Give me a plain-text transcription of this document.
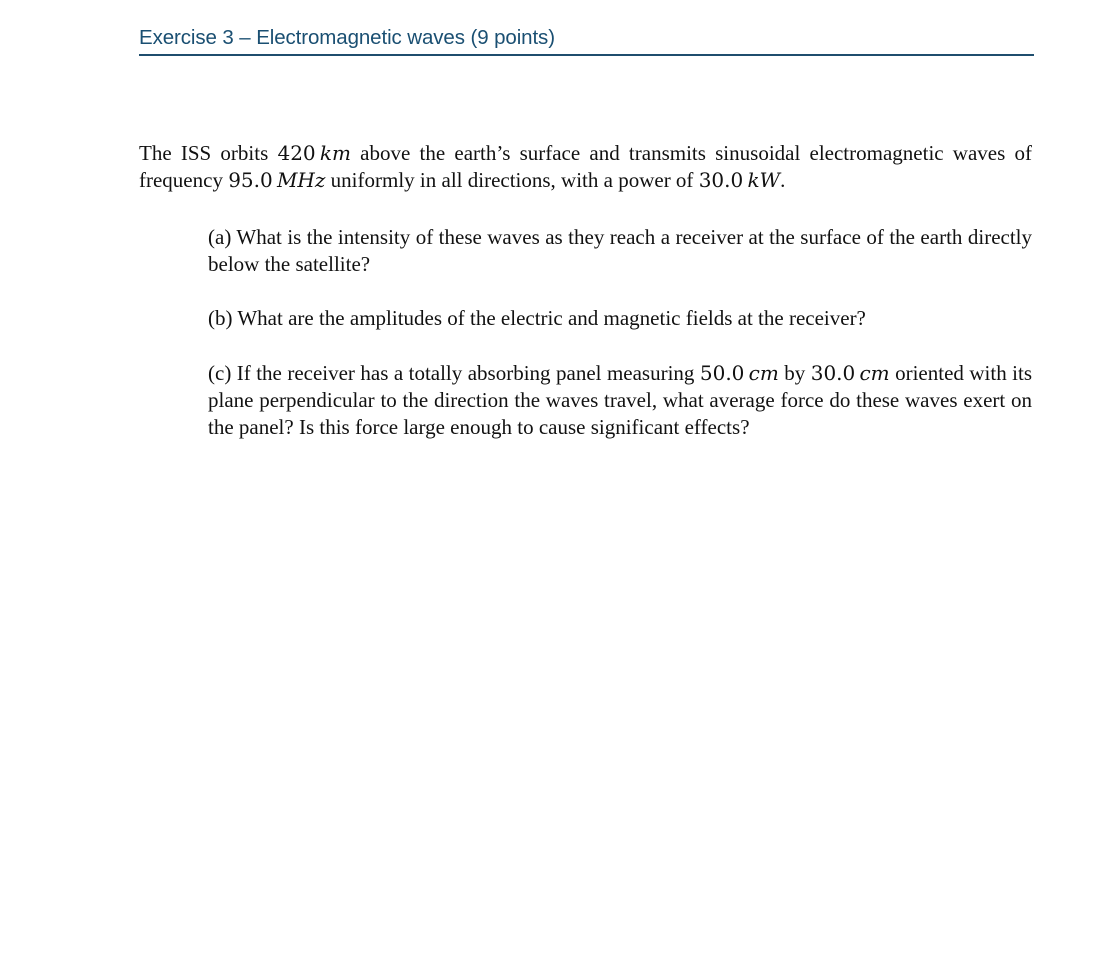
Exercise 3 – Electromagnetic waves (9 points)

The ISS orbits 420  km above the earth’s surface and transmits sinusoidal electromagnetic waves of frequency 95.0  MHz uniformly in all directions, with a power of 30.0  kW.

(a) What is the intensity of these waves as they reach a receiver at the surface of the earth directly below the satellite?

(b) What are the amplitudes of the electric and magnetic fields at the receiver?

(c) If the receiver has a totally absorbing panel measuring 50.0  cm by 30.0  cm oriented with its plane perpendicular to the direction the waves travel, what average force do these waves exert on the panel? Is this force large enough to cause significant effects?
